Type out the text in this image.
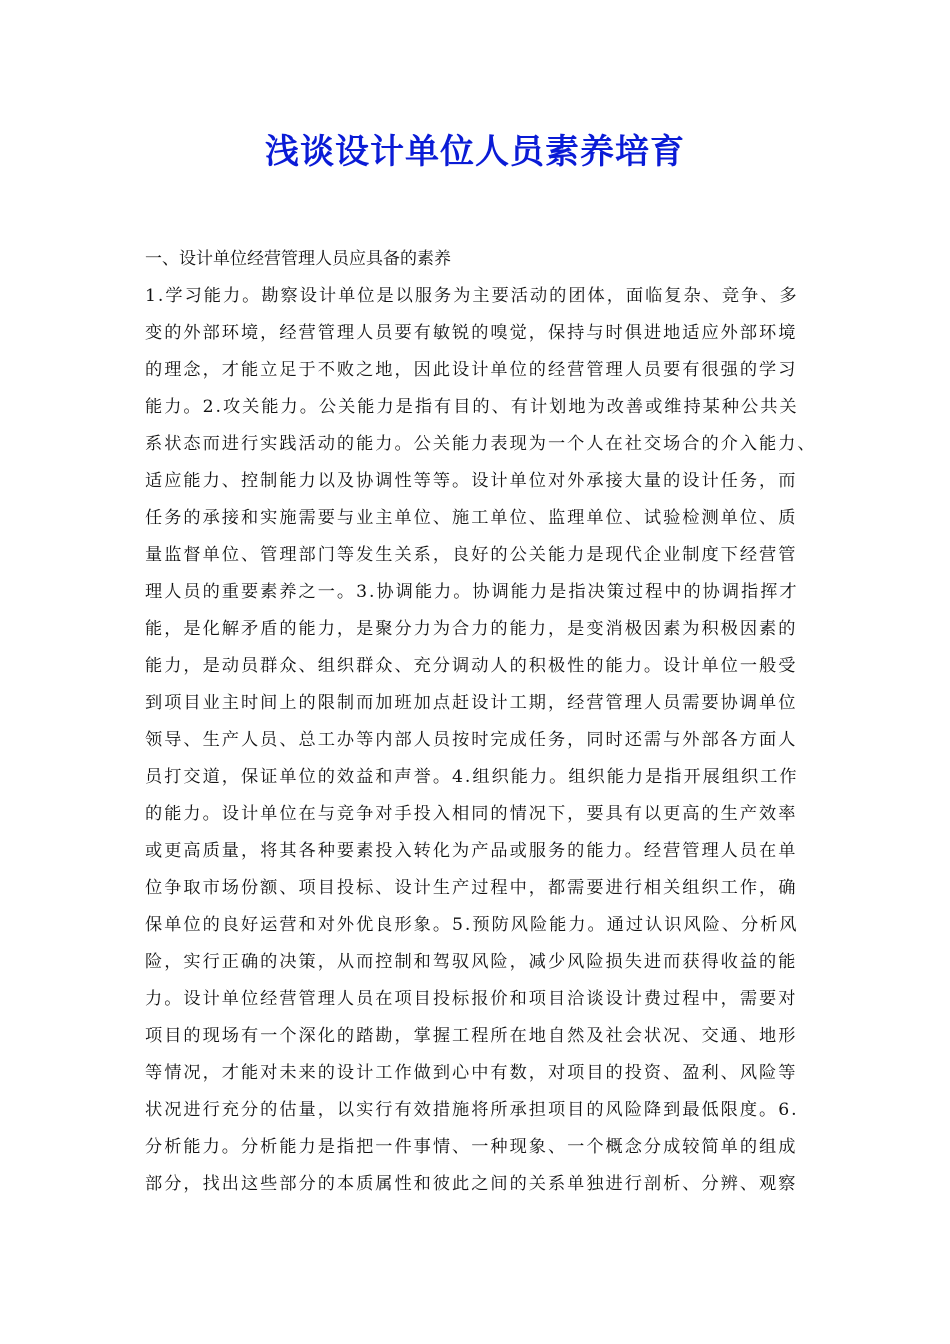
浅谈设计单位人员素养培育

一、设计单位经营管理人员应具备的素养

1.学习能力。勘察设计单位是以服务为主要活动的团体，面临复杂、竞争、多
变的外部环境，经营管理人员要有敏锐的嗅觉，保持与时俱进地适应外部环境
的理念，才能立足于不败之地，因此设计单位的经营管理人员要有很强的学习
能力。2.攻关能力。公关能力是指有目的、有计划地为改善或维持某种公共关
系状态而进行实践活动的能力。公关能力表现为一个人在社交场合的介入能力、
适应能力、控制能力以及协调性等等。设计单位对外承接大量的设计任务，而
任务的承接和实施需要与业主单位、施工单位、监理单位、试验检测单位、质
量监督单位、管理部门等发生关系，良好的公关能力是现代企业制度下经营管
理人员的重要素养之一。3.协调能力。协调能力是指决策过程中的协调指挥才
能，是化解矛盾的能力，是聚分力为合力的能力，是变消极因素为积极因素的
能力，是动员群众、组织群众、充分调动人的积极性的能力。设计单位一般受
到项目业主时间上的限制而加班加点赶设计工期，经营管理人员需要协调单位
领导、生产人员、总工办等内部人员按时完成任务，同时还需与外部各方面人
员打交道，保证单位的效益和声誉。4.组织能力。组织能力是指开展组织工作
的能力。设计单位在与竞争对手投入相同的情况下，要具有以更高的生产效率
或更高质量，将其各种要素投入转化为产品或服务的能力。经营管理人员在单
位争取市场份额、项目投标、设计生产过程中，都需要进行相关组织工作，确
保单位的良好运营和对外优良形象。5.预防风险能力。通过认识风险、分析风
险，实行正确的决策，从而控制和驾驭风险，减少风险损失进而获得收益的能
力。设计单位经营管理人员在项目投标报价和项目洽谈设计费过程中，需要对
项目的现场有一个深化的踏勘，掌握工程所在地自然及社会状况、交通、地形
等情况，才能对未来的设计工作做到心中有数，对项目的投资、盈利、风险等
状况进行充分的估量，以实行有效措施将所承担项目的风险降到最低限度。6.
分析能力。分析能力是指把一件事情、一种现象、一个概念分成较简单的组成
部分，找出这些部分的本质属性和彼此之间的关系单独进行剖析、分辨、观察
